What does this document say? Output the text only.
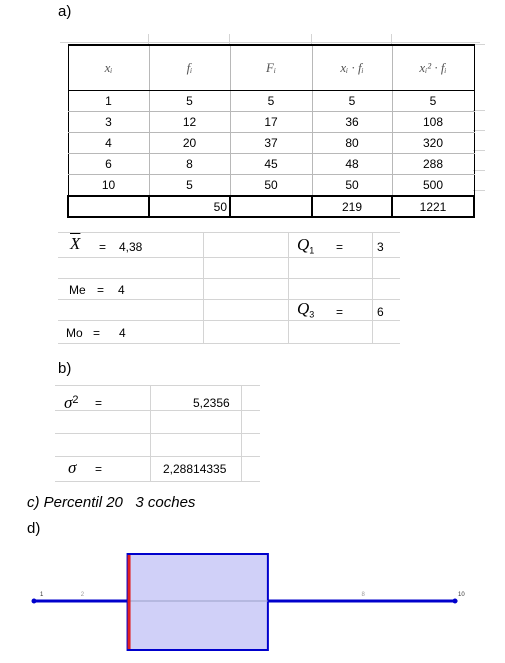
a)
xᵢ	fᵢ	Fᵢ	xᵢ · fᵢ	xᵢ² · fᵢ
1	5	5	5	5
3	12	17	36	108
4	20	37	80	320
6	8	45	48	288
10	5	50	50	500
	50		219	1221
$\overline{X} = 4,38$	$Q_1$ =	3
Me = 4
$Q_3$ =	6
Mo = 4
b)
$\sigma^2$ =	5,2356
σ =	2,28814335
c) Percentil 20   3 coches
d)
1	2	8	10
